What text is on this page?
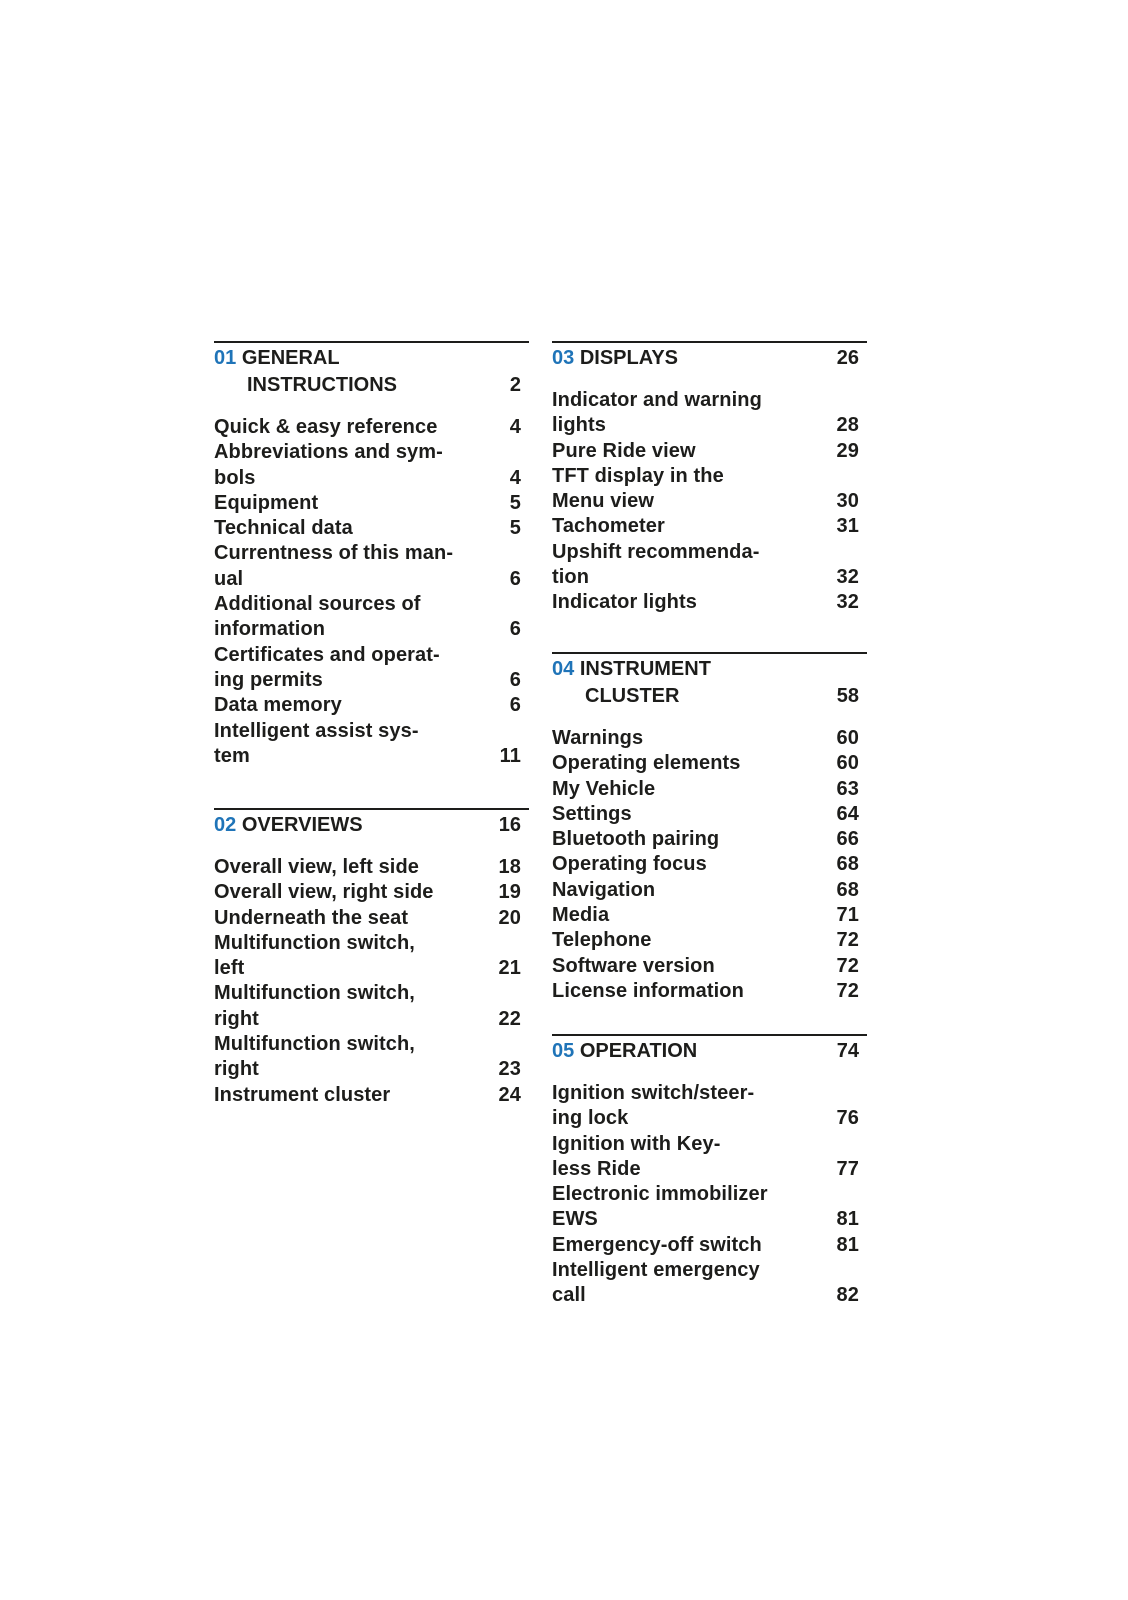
01 GENERAL
INSTRUCTIONS	2
Quick & easy reference	4
Abbreviations and sym-
bols	4
Equipment	5
Technical data	5
Currentness of this man-
ual	6
Additional sources of
information	6
Certificates and operat-
ing permits	6
Data memory	6
Intelligent assist sys-
tem	11
02 OVERVIEWS	16
Overall view, left side	18
Overall view, right side	19
Underneath the seat	20
Multifunction switch,
left	21
Multifunction switch,
right	22
Multifunction switch,
right	23
Instrument cluster	24
03 DISPLAYS	26
Indicator and warning
lights	28
Pure Ride view	29
TFT display in the
Menu view	30
Tachometer	31
Upshift recommenda-
tion	32
Indicator lights	32
04 INSTRUMENT
CLUSTER	58
Warnings	60
Operating elements	60
My Vehicle	63
Settings	64
Bluetooth pairing	66
Operating focus	68
Navigation	68
Media	71
Telephone	72
Software version	72
License information	72
05 OPERATION	74
Ignition switch/steer-
ing lock	76
Ignition with Key-
less Ride	77
Electronic immobilizer
EWS	81
Emergency-off switch	81
Intelligent emergency
call	82
